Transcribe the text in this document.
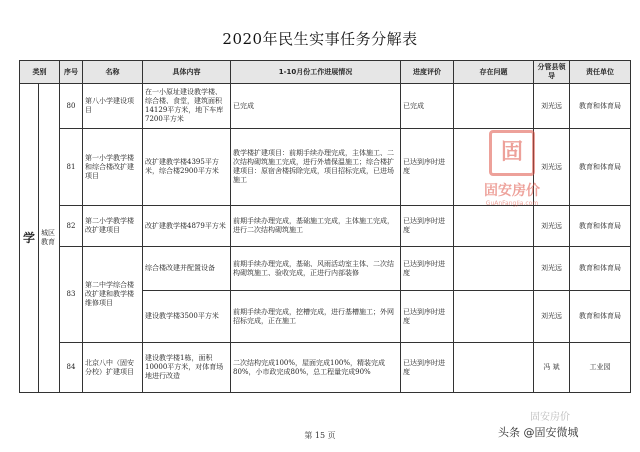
2020年民生实事任务分解表
类别		序号	名称	具体内容	1-10月份工作进展情况	进度评价	存在问题	分管县领导	责任单位
学	城区教育	80	第八小学建设项目	在一小原址建设教学楼、综合楼、食堂，建筑面积14129平方米，地下车库7200平方米	已完成	已完成		刘光远	教育和体育局
		81	第一小学教学楼和综合楼改扩建项目	改扩建教学楼4395平方米，综合楼2900平方米	教学楼扩建项目：前期手续办理完成，主体施工、二次结构砌筑施工完成，进行外墙保温施工；综合楼扩建项目：原宿舍楼拆除完成，项目招标完成，已进场施工	已达到序时进度		刘光远	教育和体育局
		82	第二小学教学楼改扩建项目	改扩建教学楼4879平方米	前期手续办理完成，基础施工完成，主体施工完成，进行二次结构砌筑施工	已达到序时进度		刘光远	教育和体育局
		83	第二中学综合楼改扩建和教学楼维修项目	综合楼改建并配置设备	前期手续办理完成，基础、风雨活动室主体、二次结构砌筑施工、验收完成，正进行内部装修	已达到序时进度		刘光远	教育和体育局
				建设教学楼3500平方米	前期手续办理完成，挖槽完成，进行基槽施工；外网招标完成，正在施工	已达到序时进度		刘光远	教育和体育局
		84	北京八中（固安分校）扩建项目	建设教学楼1栋，面积10000平方米，对体育场地进行改造	二次结构完成100%，屋面完成100%，精装完成80%，小市政完成80%，总工程量完成90%	已达到序时进度		冯 斌	工业园
固
固安房价
GuAnFangJia.com
固安房价
头条 @固安微城
第 15 页
